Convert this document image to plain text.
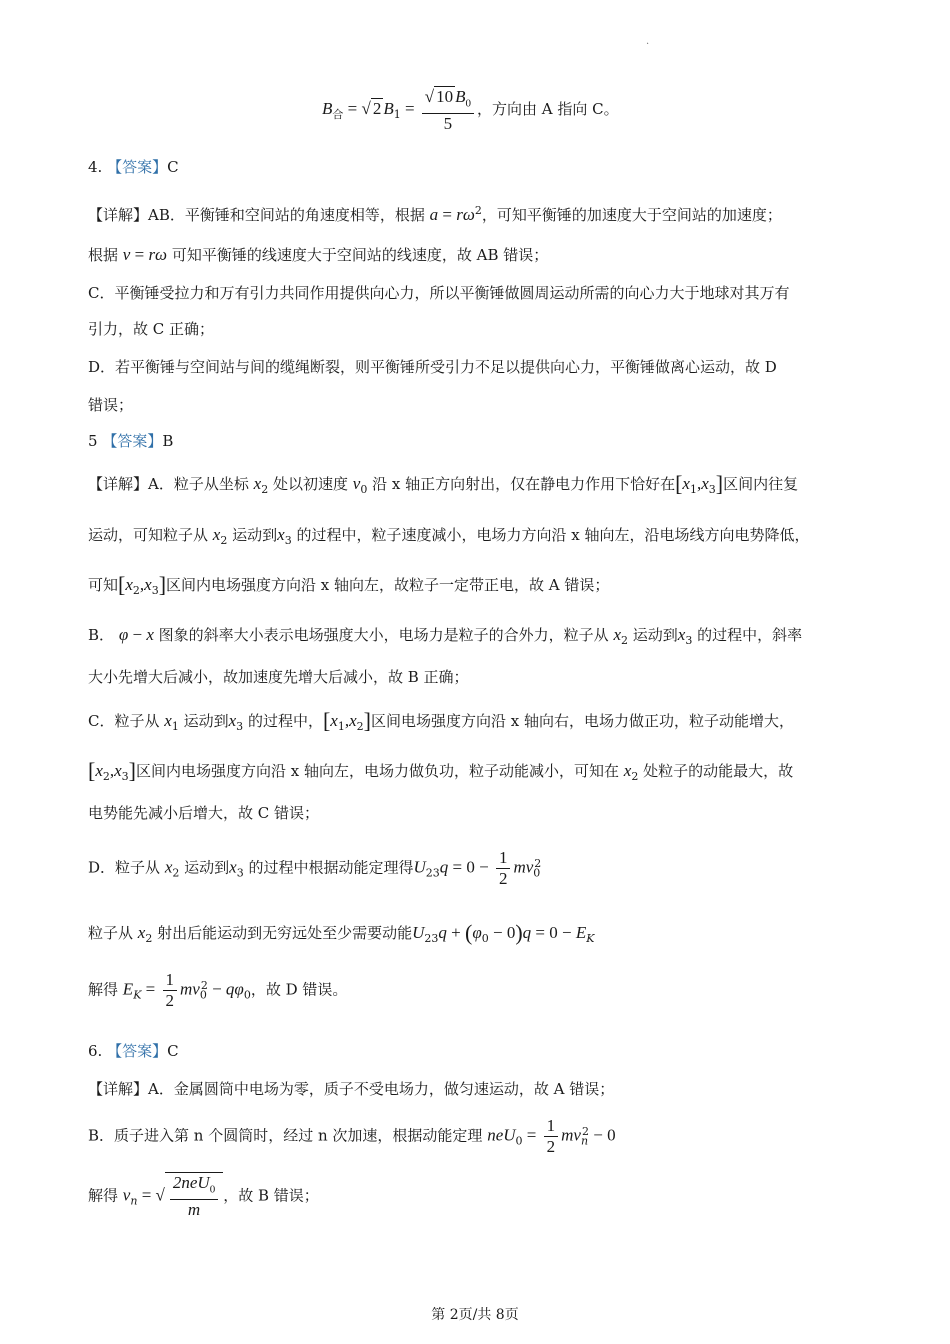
.
$B_合$ = √ 2 $B_1 = \frac{√ 10 B_0}{5}$ ，方向由 A 指向 C。
4. 【答案】C
【详解】AB．平衡锤和空间站的角速度相等，根据 $a = r\omega^2$，可知平衡锤的加速度大于空间站的加速度；
根据 v = rω 可知平衡锤的线速度大于空间站的线速度，故 AB 错误；
C．平衡锤受拉力和万有引力共同作用提供向心力，所以平衡锤做圆周运动所需的向心力大于地球对其万有
引力，故 C 正确；
D．若平衡锤与空间站与间的缆绳断裂，则平衡锤所受引力不足以提供向心力，平衡锤做离心运动，故 D
错误；
5 【答案】B
【详解】A．粒子从坐标 $x_2$ 处以初速度 $v_0$ 沿 x 轴正方向射出，仅在静电力作用下恰好在$[x_1,x_3]$区间内往复
运动，可知粒子从 $x_2$ 运动到$x_3$ 的过程中，粒子速度减小，电场力方向沿 x 轴向左，沿电场线方向电势降低，
可知$[x_2,x_3]$区间内电场强度方向沿 x 轴向左，故粒子一定带正电，故 A 错误；
B． φ − x 图象的斜率大小表示电场强度大小，电场力是粒子的合外力，粒子从 $x_2$ 运动到$x_3$ 的过程中，斜率
大小先增大后减小，故加速度先增大后减小，故 B 正确；
C．粒子从 $x_1$ 运动到$x_3$ 的过程中，$[x_1,x_2]$区间电场强度方向沿 x 轴向右，电场力做正功，粒子动能增大，
$[x_2,x_3]$区间内电场强度方向沿 x 轴向左，电场力做负功，粒子动能减小，可知在 $x_2$ 处粒子的动能最大，故
电势能先减小后增大，故 C 错误；
D．粒子从 $x_2$ 运动到$x_3$ 的过程中根据动能定理得$U_{23}q = 0 - \frac{1}{2} mv_0^2$
粒子从 $x_2$ 射出后能运动到无穷远处至少需要动能$U_{23}q + (\varphi_0 - 0)q = 0 - E_K$
解得 $E_K = \frac{1}{2} mv_0^2 - q\varphi_0$，故 D 错误。
6. 【答案】C
【详解】A．金属圆筒中电场为零，质子不受电场力，做匀速运动，故 A 错误；
B．质子进入第 n 个圆筒时，经过 n 次加速，根据动能定理 $neU_0 = \frac{1}{2} mv_n^2 - 0$
解得 $v_n$ = √ $\frac{2neU_0}{m}$ ，故 B 错误；
第 2页/共 8页
